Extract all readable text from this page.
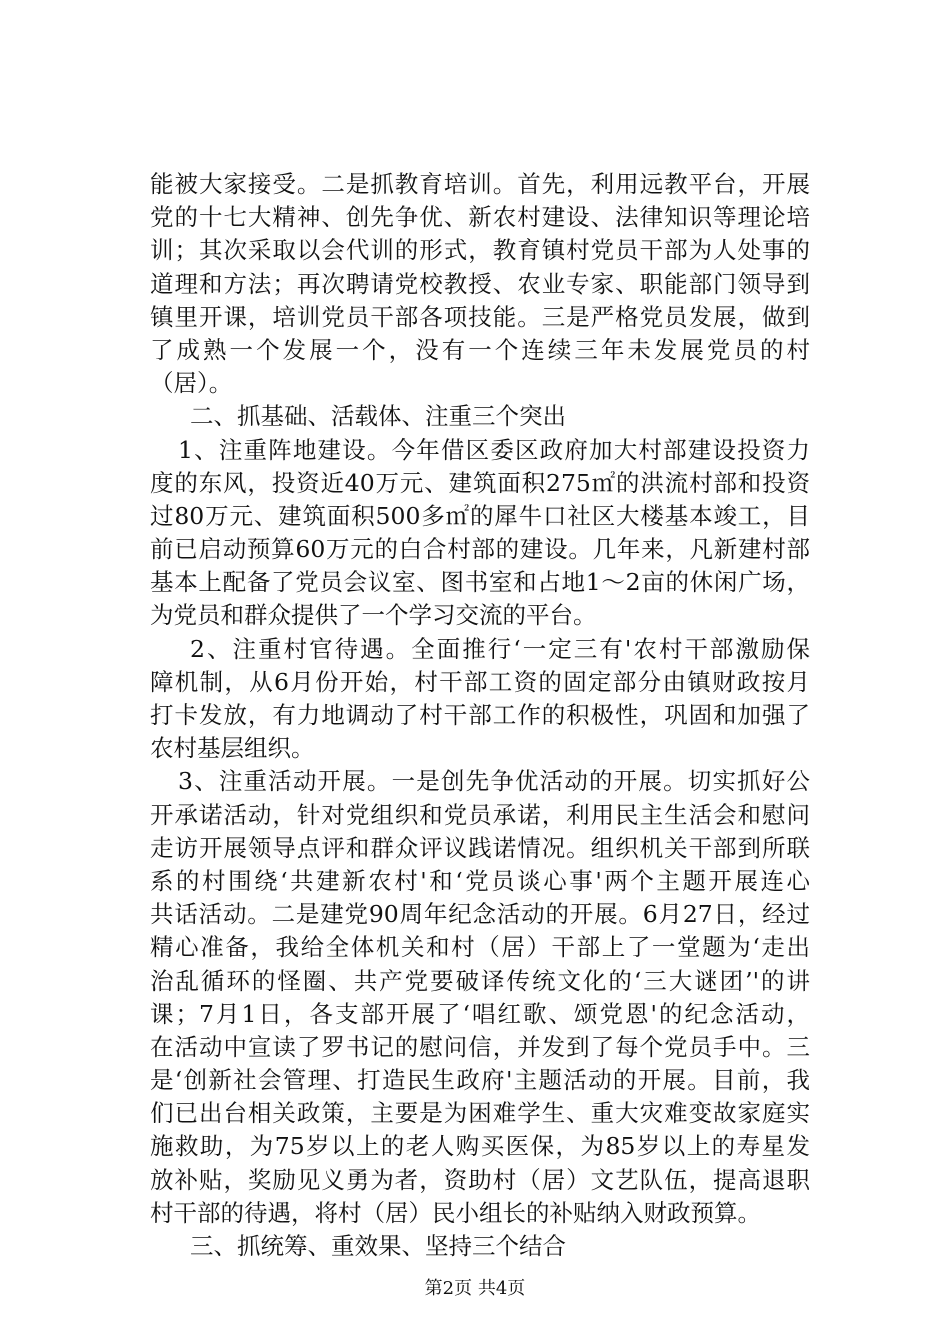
能被大家接受。二是抓教育培训。首先，利用远教平台，开展
党的十七大精神、创先争优、新农村建设、法律知识等理论培
训；其次采取以会代训的形式，教育镇村党员干部为人处事的
道理和方法；再次聘请党校教授、农业专家、职能部门领导到
镇里开课，培训党员干部各项技能。三是严格党员发展，做到
了成熟一个发展一个，没有一个连续三年未发展党员的村
（居）。
二、抓基础、活载体、注重三个突出
1、注重阵地建设。今年借区委区政府加大村部建设投资力
度的东风，投资近40万元、建筑面积275㎡的洪流村部和投资
过80万元、建筑面积500多㎡的犀牛口社区大楼基本竣工，目
前已启动预算60万元的白合村部的建设。几年来，凡新建村部
基本上配备了党员会议室、图书室和占地1～2亩的休闲广场，
为党员和群众提供了一个学习交流的平台。
2、注重村官待遇。全面推行‘一定三有'农村干部激励保
障机制，从6月份开始，村干部工资的固定部分由镇财政按月
打卡发放，有力地调动了村干部工作的积极性，巩固和加强了
农村基层组织。
3、注重活动开展。一是创先争优活动的开展。切实抓好公
开承诺活动，针对党组织和党员承诺，利用民主生活会和慰问
走访开展领导点评和群众评议践诺情况。组织机关干部到所联
系的村围绕‘共建新农村'和‘党员谈心事'两个主题开展连心
共话活动。二是建党90周年纪念活动的开展。6月27日，经过
精心准备，我给全体机关和村（居）干部上了一堂题为‘走出
治乱循环的怪圈、共产党要破译传统文化的‘三大谜团’'的讲
课；7月1日，各支部开展了‘唱红歌、颂党恩'的纪念活动，
在活动中宣读了罗书记的慰问信，并发到了每个党员手中。三
是‘创新社会管理、打造民生政府'主题活动的开展。目前，我
们已出台相关政策，主要是为困难学生、重大灾难变故家庭实
施救助，为75岁以上的老人购买医保，为85岁以上的寿星发
放补贴，奖励见义勇为者，资助村（居）文艺队伍，提高退职
村干部的待遇，将村（居）民小组长的补贴纳入财政预算。
三、抓统筹、重效果、坚持三个结合
第2页 共4页
